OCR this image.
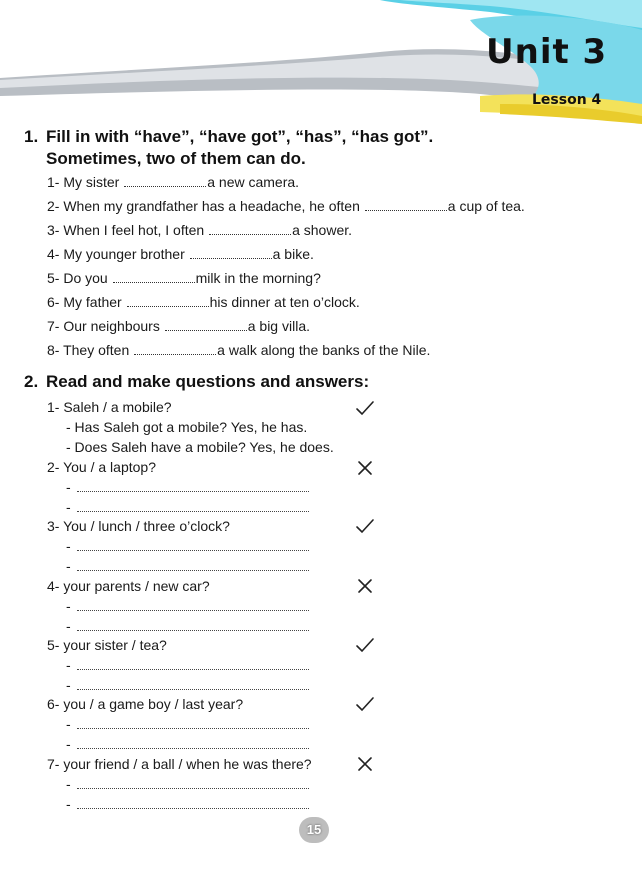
Unit 3
Lesson 4
1. Fill in with “have”, “have got”, “has”, “has got”.
Sometimes, two of them can do.
1- My sister	a new camera.
2- When my grandfather has a headache, he often	a cup of tea.
3- When I feel hot, I often	a shower.
4- My younger brother	a bike.
5- Do you	milk in the morning?
6- My father	his dinner at ten o’clock.
7- Our neighbours	a big villa.
8- They often	a walk along the banks of the Nile.
2. Read and make questions and answers:
1- Saleh / a mobile?
- Has Saleh got a mobile? Yes, he has.
- Does Saleh have a mobile? Yes, he does.
2- You / a laptop?
-
-
3- You / lunch / three o’clock?
-
-
4- your parents / new car?
-
-
5- your sister / tea?
-
-
6- you / a game boy / last year?
-
-
7- your friend / a ball / when he was there?
-
-
15
